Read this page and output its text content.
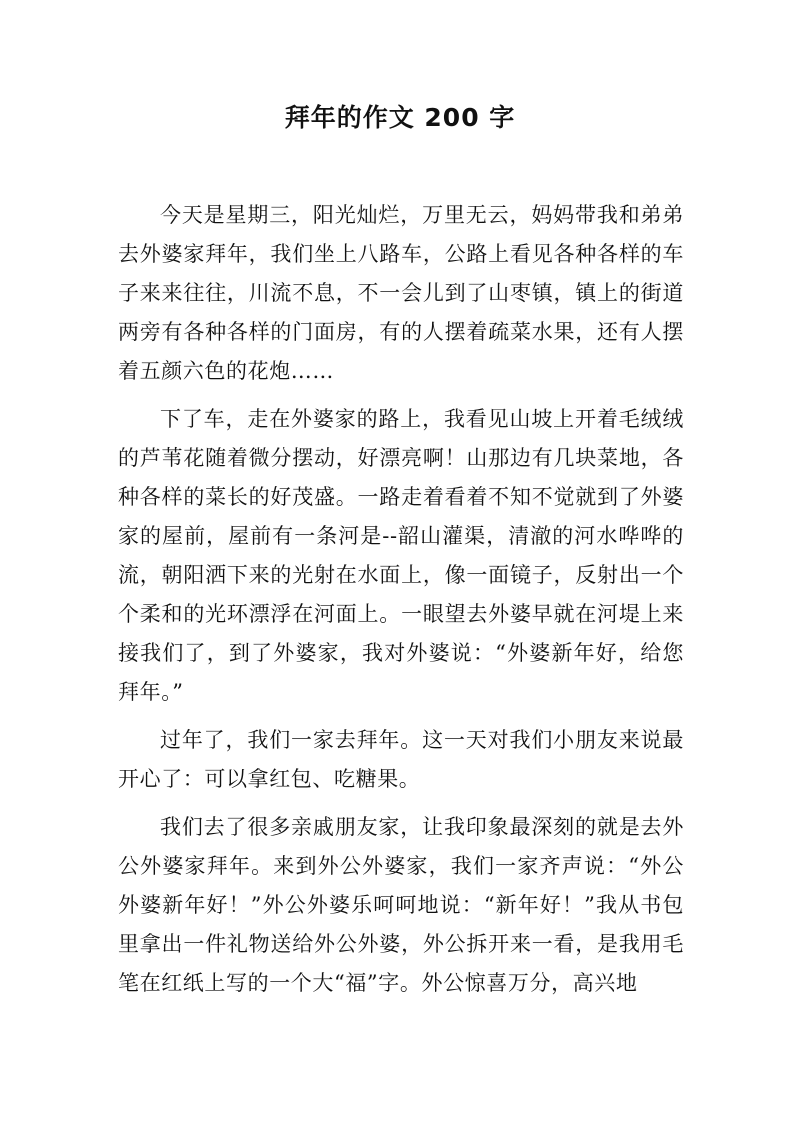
拜年的作文 200 字

今天是星期三，阳光灿烂，万里无云，妈妈带我和弟弟去外婆家拜年，我们坐上八路车，公路上看见各种各样的车子来来往往，川流不息，不一会儿到了山枣镇，镇上的街道两旁有各种各样的门面房，有的人摆着疏菜水果，还有人摆着五颜六色的花炮……

下了车，走在外婆家的路上，我看见山坡上开着毛绒绒的芦苇花随着微分摆动，好漂亮啊！山那边有几块菜地，各种各样的菜长的好茂盛。一路走着看着不知不觉就到了外婆家的屋前，屋前有一条河是--韶山灌渠，清澈的河水哗哗的流，朝阳洒下来的光射在水面上，像一面镜子，反射出一个个柔和的光环漂浮在河面上。一眼望去外婆早就在河堤上来接我们了，到了外婆家，我对外婆说：“外婆新年好，给您拜年。”

过年了，我们一家去拜年。这一天对我们小朋友来说最开心了：可以拿红包、吃糖果。

我们去了很多亲戚朋友家，让我印象最深刻的就是去外公外婆家拜年。来到外公外婆家，我们一家齐声说：“外公外婆新年好！”外公外婆乐呵呵地说：“新年好！”我从书包里拿出一件礼物送给外公外婆，外公拆开来一看，是我用毛笔在红纸上写的一个大“福”字。外公惊喜万分，高兴地
